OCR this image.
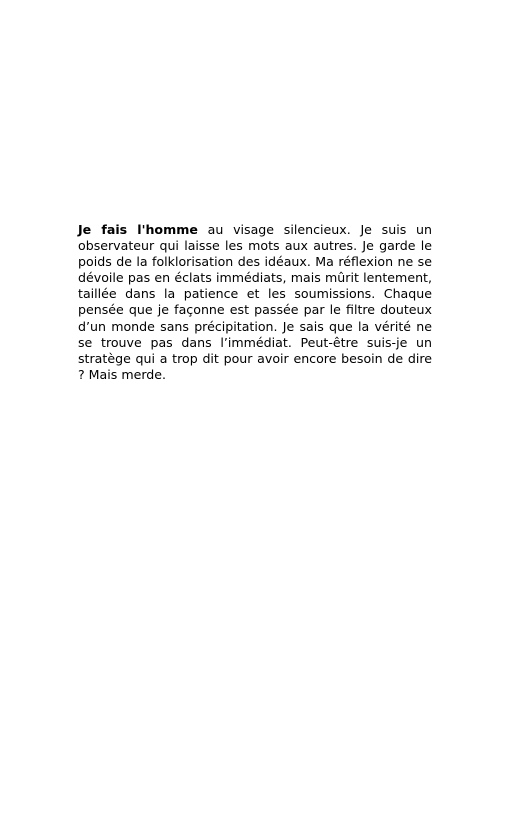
Je fais l'homme au visage silencieux. Je suis un observateur qui laisse les mots aux autres. Je garde le poids de la folklorisation des idéaux. Ma réflexion ne se dévoile pas en éclats immédiats, mais mûrit lentement, taillée dans la patience et les soumissions. Chaque pensée que je façonne est passée par le filtre douteux d’un monde sans précipitation. Je sais que la vérité ne se trouve pas dans l’immédiat. Peut-être suis-je un stratège qui a trop dit pour avoir encore besoin de dire ? Mais merde.
